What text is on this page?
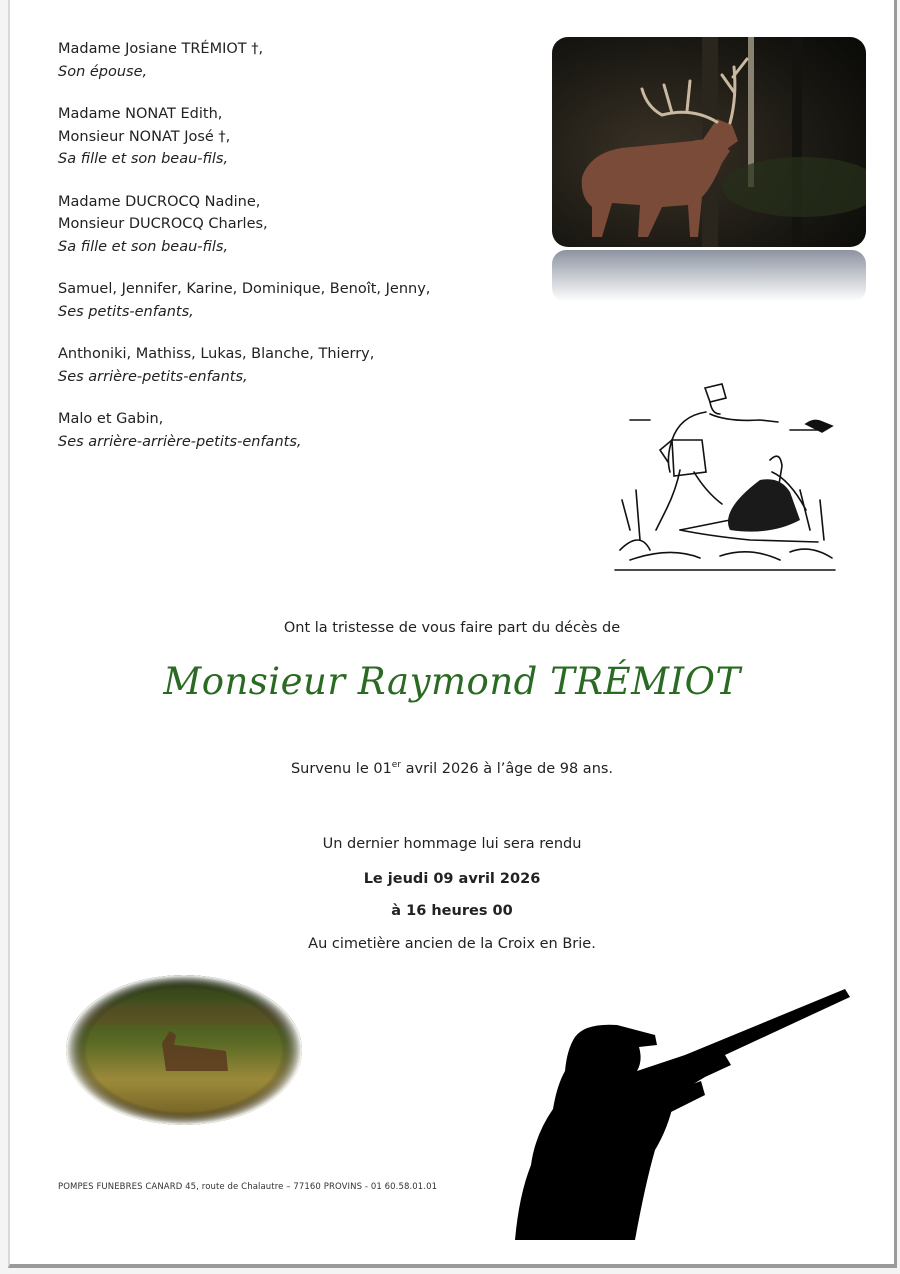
Madame Josiane TRÉMIOT †,
Son épouse,

Madame NONAT Edith,
Monsieur NONAT José †,
Sa fille et son beau-fils,

Madame DUCROCQ Nadine,
Monsieur DUCROCQ Charles,
Sa fille et son beau-fils,

Samuel, Jennifer, Karine, Dominique, Benoît, Jenny,
Ses petits-enfants,

Anthoniki, Mathiss, Lukas, Blanche, Thierry,
Ses arrière-petits-enfants,

Malo et Gabin,
Ses arrière-arrière-petits-enfants,

Ont la tristesse de vous faire part du décès de
Monsieur Raymond TRÉMIOT
Survenu le 01er avril 2026 à l’âge de 98 ans.
Un dernier hommage lui sera rendu
Le jeudi 09 avril 2026
à 16 heures 00
Au cimetière ancien de la Croix en Brie.
POMPES FUNEBRES CANARD 45, route de Chalautre – 77160 PROVINS - 01 60.58.01.01
